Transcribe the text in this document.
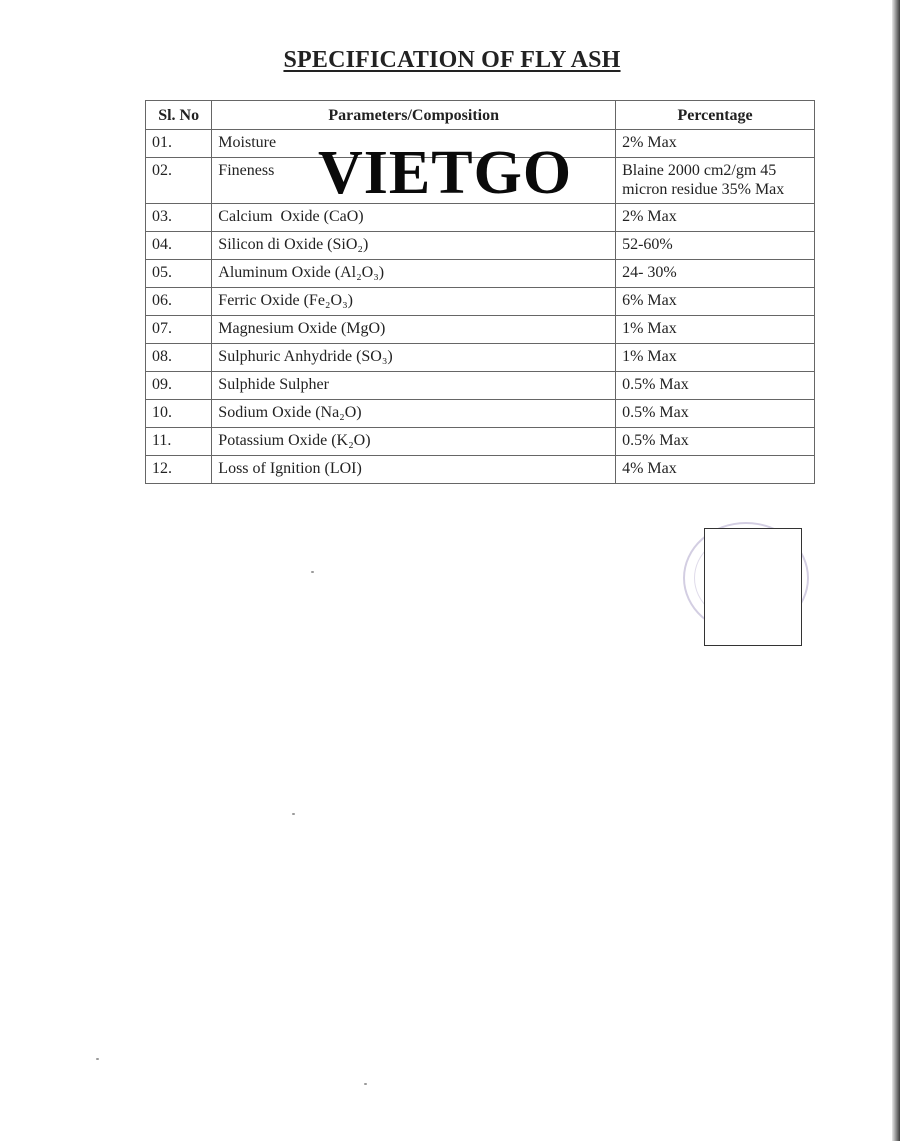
SPECIFICATION OF FLY ASH
Sl. No	Parameters/Composition	Percentage
01.	Moisture	2% Max
02.	Fineness	Blaine 2000 cm2/gm 45 micron residue 35% Max
03.	Calcium  Oxide (CaO)	2% Max
04.	Silicon di Oxide (SiO₂)	52-60%
05.	Aluminum Oxide (Al₂O₃)	24- 30%
06.	Ferric Oxide (Fe₂O₃)	6% Max
07.	Magnesium Oxide (MgO)	1% Max
08.	Sulphuric Anhydride (SO₃)	1% Max
09.	Sulphide Sulpher	0.5% Max
10.	Sodium Oxide (Na₂O)	0.5% Max
11.	Potassium Oxide (K₂O)	0.5% Max
12.	Loss of Ignition (LOI)	4% Max
VIETGO
